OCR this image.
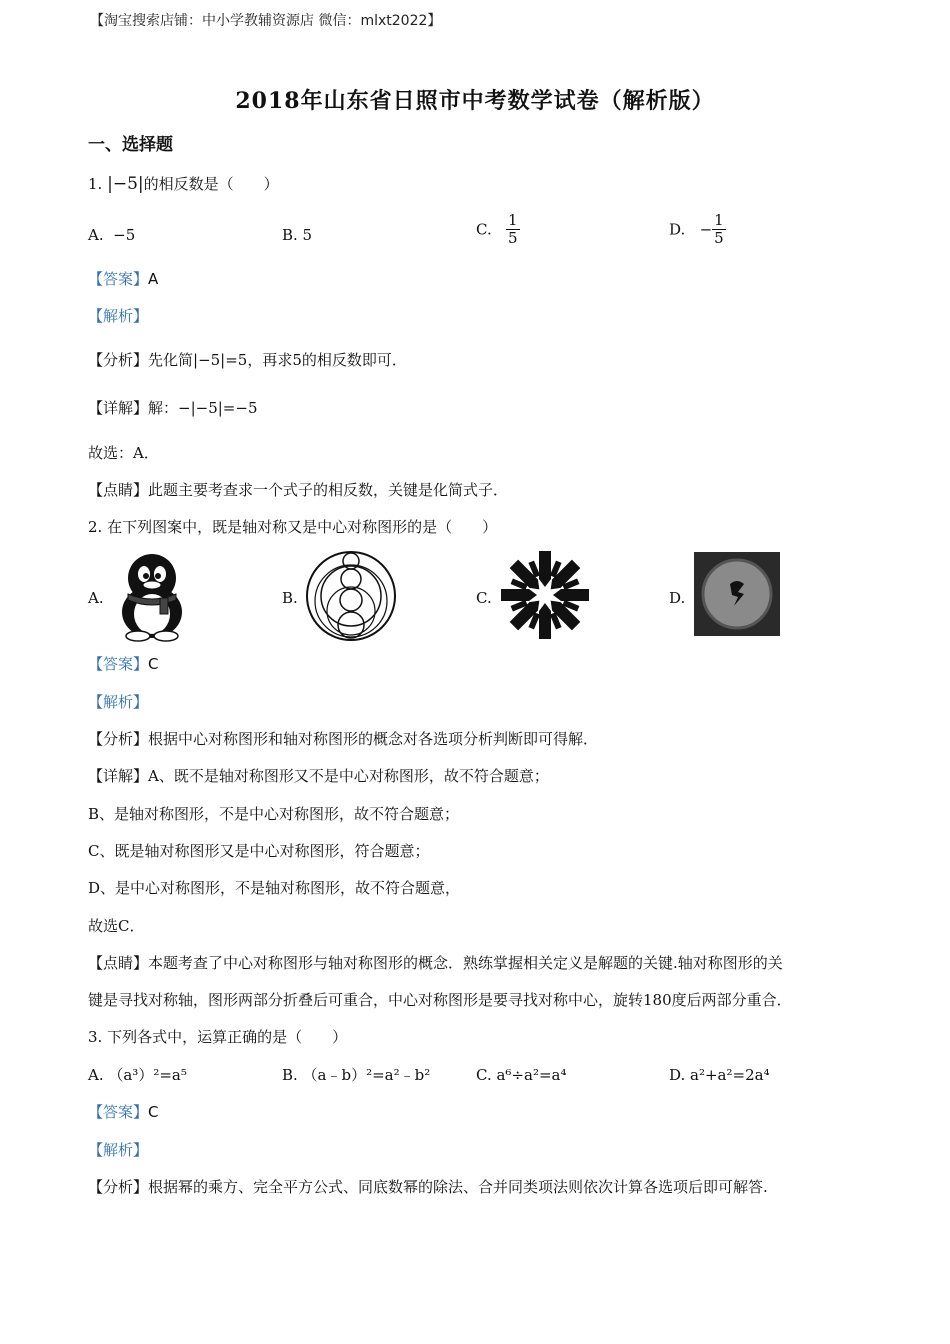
【淘宝搜索店铺：中小学教辅资源店 微信：mlxt2022】
2018年山东省日照市中考数学试卷（解析版）
一、选择题
1. |−5|的相反数是（　　）
A. −5	B. 5	C. $\frac{1}{5}$	D. − $\frac{1}{5}$
【答案】A
【解析】
【分析】先化简|−5|=5，再求5的相反数即可．
【详解】解：−|−5|=−5
故选：A．
【点睛】此题主要考查求一个式子的相反数，关键是化简式子．
2. 在下列图案中，既是轴对称又是中心对称图形的是（　　）
A.	B.	C.	D.
【答案】C
【解析】
【分析】根据中心对称图形和轴对称图形的概念对各选项分析判断即可得解．
【详解】A、既不是轴对称图形又不是中心对称图形，故不符合题意；
B、是轴对称图形，不是中心对称图形，故不符合题意；
C、既是轴对称图形又是中心对称图形，符合题意；
D、是中心对称图形，不是轴对称图形，故不符合题意，
故选C．
【点睛】本题考查了中心对称图形与轴对称图形的概念．熟练掌握相关定义是解题的关键.轴对称图形的关
键是寻找对称轴，图形两部分折叠后可重合，中心对称图形是要寻找对称中心，旋转180度后两部分重合．
3. 下列各式中，运算正确的是（　　）
A. （a³）²=a⁵	B. （a﹣b）²=a²﹣b²	C. a⁶÷a²=a⁴	D. a²+a²=2a⁴
【答案】C
【解析】
【分析】根据幂的乘方、完全平方公式、同底数幂的除法、合并同类项法则依次计算各选项后即可解答.
